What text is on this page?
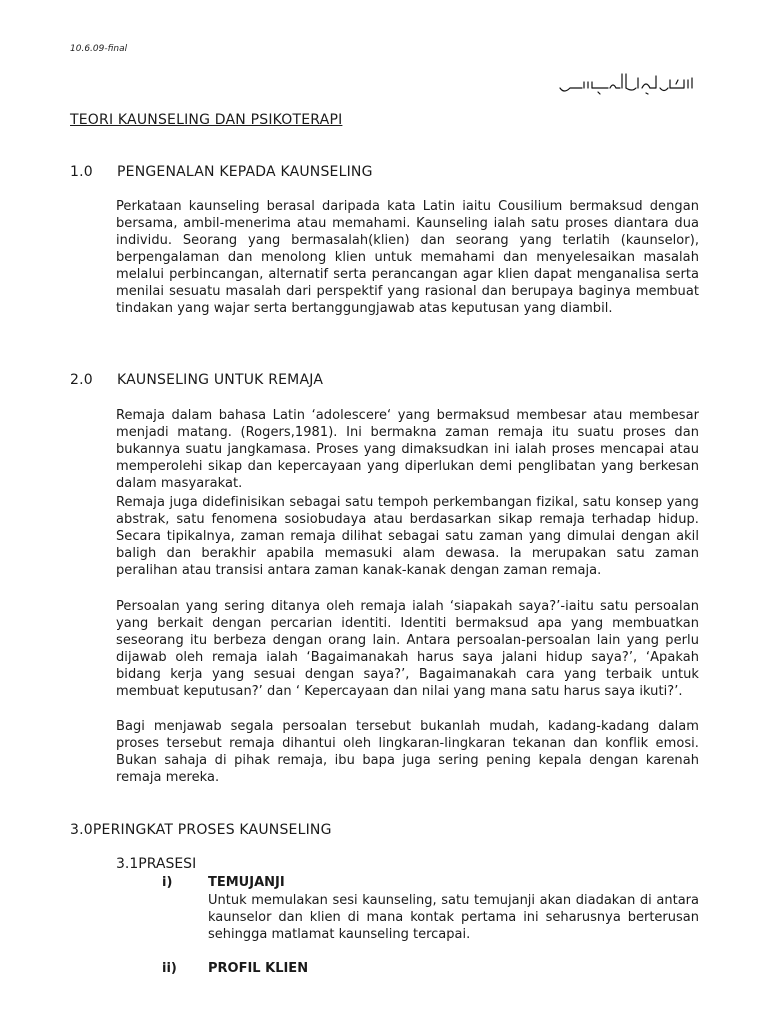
10.6.09-final
TEORI KAUNSELING DAN PSIKOTERAPI
1.0 PENGENALAN KEPADA KAUNSELING

Perkataan kaunseling berasal daripada kata Latin iaitu Cousilium bermaksud dengan bersama, ambil-menerima atau memahami. Kaunseling ialah satu proses diantara dua individu. Seorang yang bermasalah(klien) dan seorang yang terlatih (kaunselor), berpengalaman dan menolong klien untuk memahami dan menyelesaikan masalah melalui perbincangan, alternatif serta perancangan agar klien dapat menganalisa serta menilai sesuatu masalah dari perspektif yang rasional dan berupaya baginya membuat tindakan yang wajar serta bertanggungjawab atas keputusan yang diambil.

2.0 KAUNSELING UNTUK REMAJA

Remaja dalam bahasa Latin ‘adolescere‘ yang bermaksud membesar atau membesar menjadi matang. (Rogers,1981). Ini bermakna zaman remaja itu suatu proses dan bukannya suatu jangkamasa. Proses yang dimaksudkan ini ialah proses mencapai atau memperolehi sikap dan kepercayaan yang diperlukan demi penglibatan yang berkesan dalam masyarakat.

Remaja juga didefinisikan sebagai satu tempoh perkembangan fizikal, satu konsep yang abstrak, satu fenomena sosiobudaya atau berdasarkan sikap remaja terhadap hidup. Secara tipikalnya, zaman remaja dilihat sebagai satu zaman yang dimulai dengan akil baligh dan berakhir apabila memasuki alam dewasa. Ia merupakan satu zaman peralihan atau transisi antara zaman kanak-kanak dengan zaman remaja.

Persoalan yang sering ditanya oleh remaja ialah ‘siapakah saya?’-iaitu satu persoalan yang berkait dengan percarian identiti. Identiti bermaksud apa yang membuatkan seseorang itu berbeza dengan orang lain. Antara persoalan-persoalan lain yang perlu dijawab oleh remaja ialah ‘Bagaimanakah harus saya jalani hidup saya?’, ‘Apakah bidang kerja yang sesuai dengan saya?’, Bagaimanakah cara yang terbaik untuk membuat keputusan?’ dan ‘ Kepercayaan dan nilai yang mana satu harus saya ikuti?’.

Bagi menjawab segala persoalan tersebut bukanlah mudah, kadang-kadang dalam proses tersebut remaja dihantui oleh lingkaran-lingkaran tekanan dan konflik emosi. Bukan sahaja di pihak remaja, ibu bapa juga sering pening kepala dengan karenah remaja mereka.

3.0PERINGKAT PROSES KAUNSELING
3.1PRASESI
i)	TEMUJANJI

Untuk memulakan sesi kaunseling, satu temujanji akan diadakan di antara kaunselor dan klien di mana kontak pertama ini seharusnya berterusan sehingga matlamat kaunseling tercapai.

ii) PROFIL KLIEN
